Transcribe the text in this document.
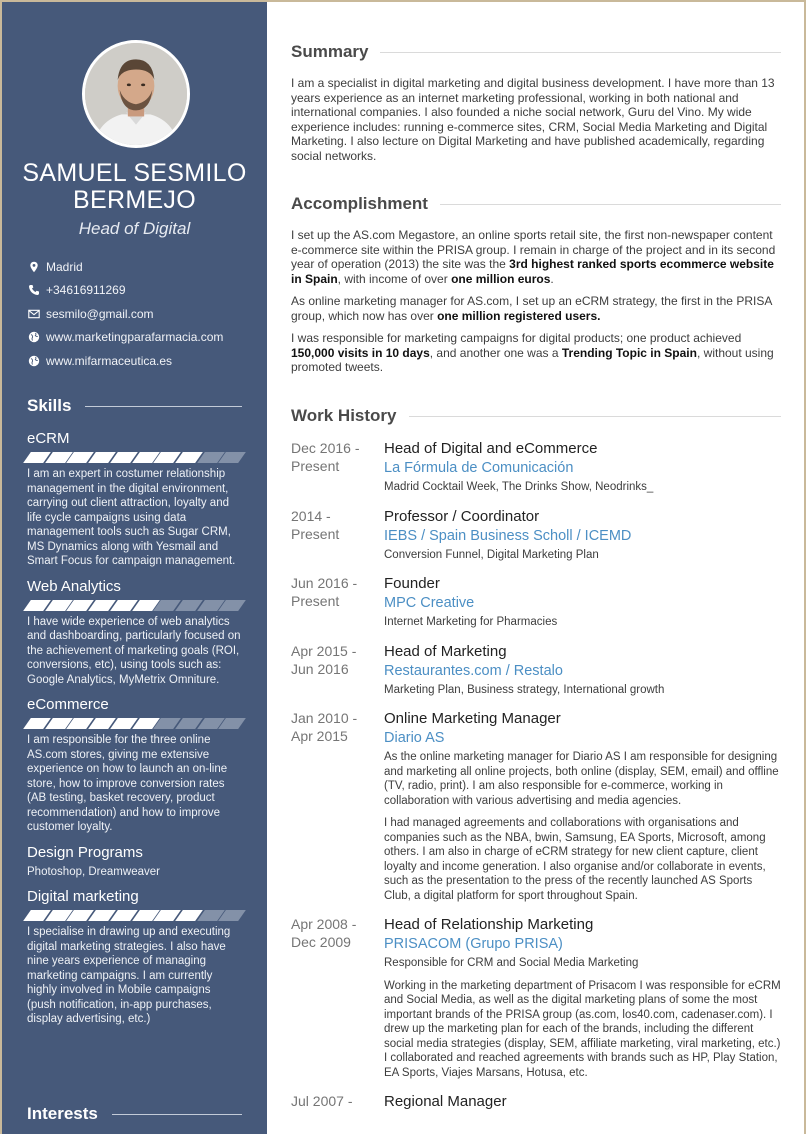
SAMUEL SESMILO
BERMEJO
Head of Digital
Madrid
+34616911269
sesmilo@gmail.com
www.marketingparafarmacia.com
www.mifarmaceutica.es
Skills
eCRM
I am an expert in costumer relationship management in the digital environment, carrying out client attraction, loyalty and life cycle campaigns using data management tools such as Sugar CRM, MS Dynamics along with Yesmail and Smart Focus for campaign management.
Web Analytics
I have wide experience of web analytics and dashboarding, particularly focused on the achievement of marketing goals (ROI, conversions, etc), using tools such as: Google Analytics, MyMetrix Omniture.
eCommerce
I am responsible for the three online AS.com stores, giving me extensive experience on how to launch an on-line store, how to improve conversion rates (AB testing, basket recovery, product recommendation) and how to improve customer loyalty.
Design Programs
Photoshop, Dreamweaver
Digital marketing
I specialise in drawing up and executing digital marketing strategies. I also have nine years experience of managing marketing campaigns. I am currently highly involved in Mobile campaigns (push notification, in-app purchases, display advertising, etc.)
Interests
Summary

I am a specialist in digital marketing and digital business development. I have more than 13 years experience as an internet marketing professional, working in both national and international companies. I also founded a niche social network, Guru del Vino. My wide experience includes: running e-commerce sites, CRM, Social Media Marketing and Digital Marketing. I also lecture on Digital Marketing and have published academically, regarding social networks.

Accomplishment

I set up the AS.com Megastore, an online sports retail site, the first non-newspaper content e-commerce site within the PRISA group. I remain in charge of the project and in its second year of operation (2013) the site was the 3rd highest ranked sports ecommerce website in Spain, with income of over one million euros.

As online marketing manager for AS.com, I set up an eCRM strategy, the first in the PRISA group, which now has over one million registered users.

I was responsible for marketing campaigns for digital products; one product achieved 150,000 visits in 10 days, and another one was a Trending Topic in Spain, without using promoted tweets.

Work History
Dec 2016 -
Present
Head of Digital and eCommerce
La Fórmula de Comunicación
Madrid Cocktail Week, The Drinks Show, Neodrinks_
2014 -
Present
Professor / Coordinator
IEBS / Spain Business Scholl / ICEMD
Conversion Funnel, Digital Marketing Plan
Jun 2016 -
Present
Founder
MPC Creative
Internet Marketing for Pharmacies
Apr 2015 -
Jun 2016
Head of Marketing
Restaurantes.com / Restalo
Marketing Plan, Business strategy, International growth
Jan 2010 -
Apr 2015
Online Marketing Manager
Diario AS
As the online marketing manager for Diario AS I am responsible for designing and marketing all online projects, both online (display, SEM, email) and offline (TV, radio, print). I am also responsible for e-commerce, working in collaboration with various advertising and media agencies.
I had managed agreements and collaborations with organisations and companies such as the NBA, bwin, Samsung, EA Sports, Microsoft, among others. I am also in charge of eCRM strategy for new client capture, client loyalty and income generation. I also organise and/or collaborate in events, such as the presentation to the press of the recently launched AS Sports Club, a digital platform for sport throughout Spain.
Apr 2008 -
Dec 2009
Head of Relationship Marketing
PRISACOM (Grupo PRISA)
Responsible for CRM and Social Media Marketing
Working in the marketing department of Prisacom I was responsible for eCRM and Social Media, as well as the digital marketing plans of some the most important brands of the PRISA group (as.com, los40.com, cadenaser.com). I drew up the marketing plan for each of the brands, including the different social media strategies (display, SEM, affiliate marketing, viral marketing, etc.) I collaborated and reached agreements with brands such as HP, Play Station, EA Sports, Viajes Marsans, Hotusa, etc.
Jul 2007 -	Regional Manager
